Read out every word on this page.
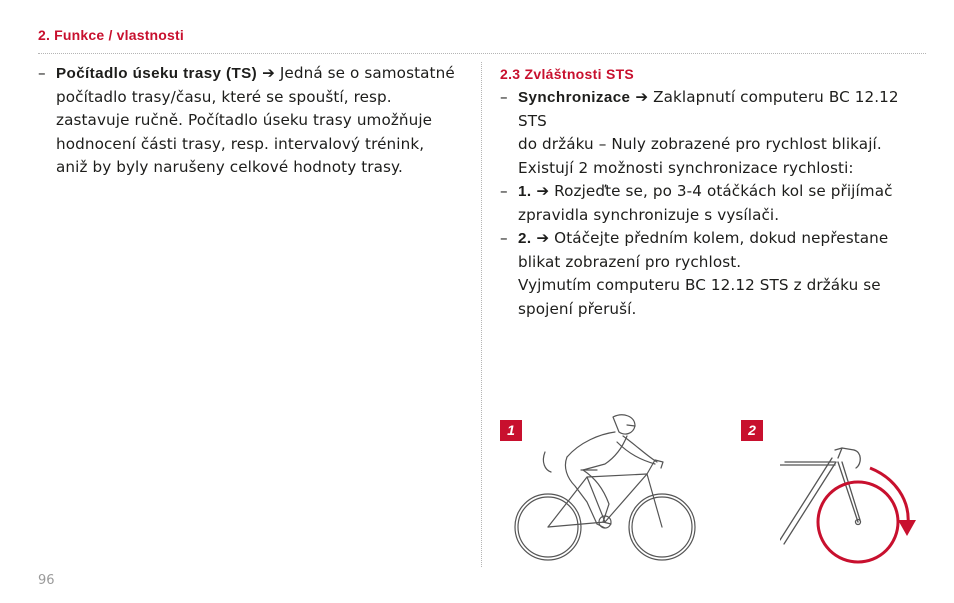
2. Funkce / vlastnosti
– Počítadlo úseku trasy (TS) ➔ Jedná se o samostatné
počítadlo trasy/času, které se spouští, resp.
zastavuje ručně. Počítadlo úseku trasy umožňuje
hodnocení části trasy, resp. intervalový trénink,
aniž by byly narušeny celkové hodnoty trasy.
2.3 Zvláštnosti STS
– Synchronizace ➔ Zaklapnutí computeru BC 12.12 STS
do držáku – Nuly zobrazené pro rychlost blikají.
Existují 2 možnosti synchronizace rychlosti:
– 1. ➔ Rozjeďte se, po 3-4 otáčkách kol se přijímač
zpravidla synchronizuje s vysílači.
– 2. ➔ Otáčejte předním kolem, dokud nepřestane
blikat zobrazení pro rychlost.
Vyjmutím computeru BC 12.12 STS z držáku se
spojení přeruší.
1	2
96
